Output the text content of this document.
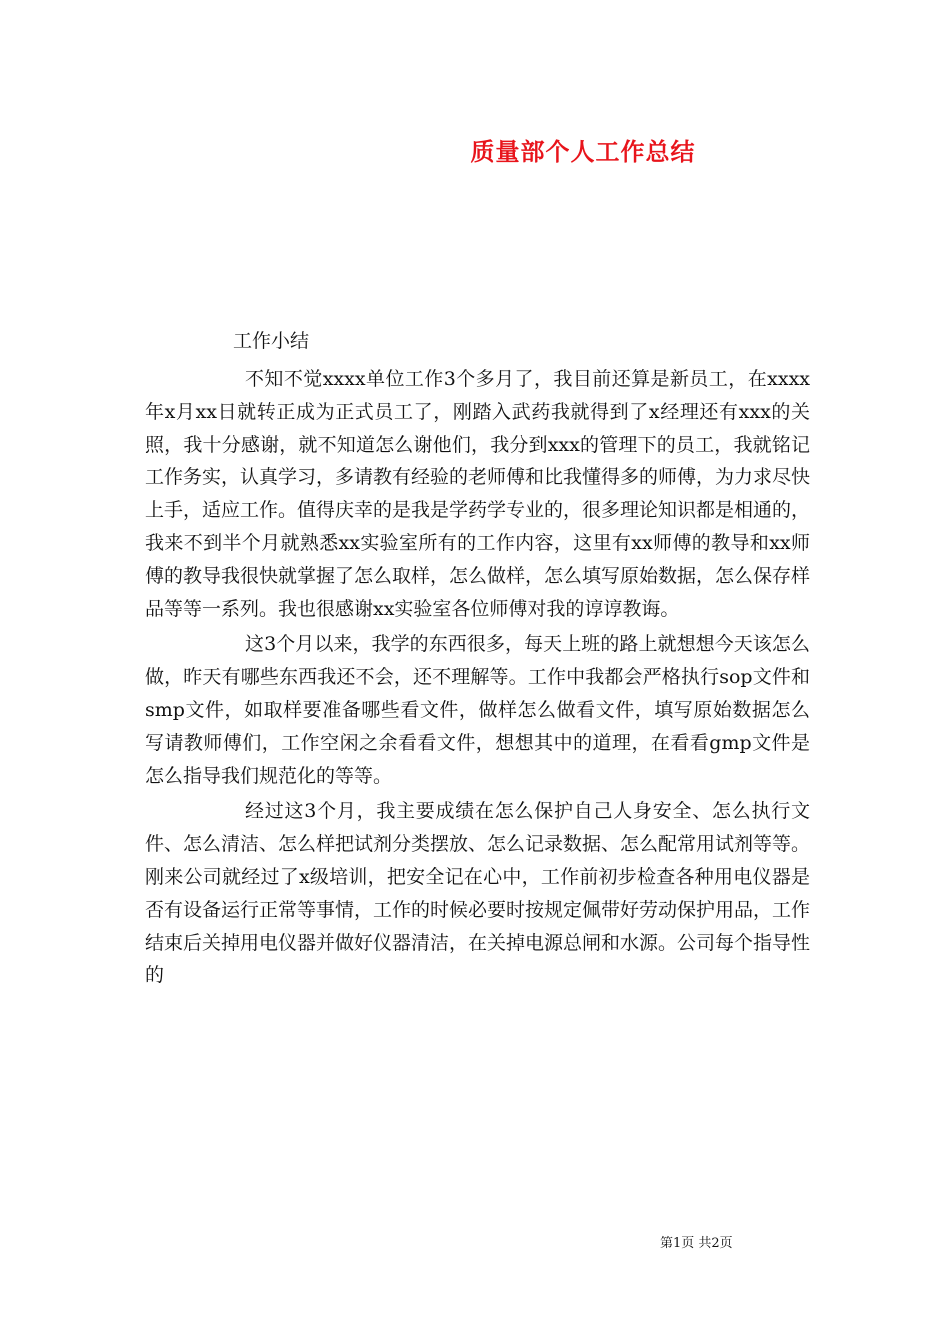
质量部个人工作总结
工作小结

不知不觉xxxx单位工作3个多月了，我目前还算是新员工，在xxxx年x月xx日就转正成为正式员工了，刚踏入武药我就得到了x经理还有xxx的关照，我十分感谢，就不知道怎么谢他们，我分到xxx的管理下的员工，我就铭记工作务实，认真学习，多请教有经验的老师傅和比我懂得多的师傅，为力求尽快上手，适应工作。值得庆幸的是我是学药学专业的，很多理论知识都是相通的，我来不到半个月就熟悉xx实验室所有的工作内容，这里有xx师傅的教导和xx师傅的教导我很快就掌握了怎么取样，怎么做样，怎么填写原始数据，怎么保存样品等等一系列。我也很感谢xx实验室各位师傅对我的谆谆教诲。

这3个月以来，我学的东西很多，每天上班的路上就想想今天该怎么做，昨天有哪些东西我还不会，还不理解等。工作中我都会严格执行sop文件和smp文件，如取样要准备哪些看文件，做样怎么做看文件，填写原始数据怎么写请教师傅们，工作空闲之余看看文件，想想其中的道理，在看看gmp文件是怎么指导我们规范化的等等。

经过这3个月，我主要成绩在怎么保护自己人身安全、怎么执行文件、怎么清洁、怎么样把试剂分类摆放、怎么记录数据、怎么配常用试剂等等。刚来公司就经过了x级培训，把安全记在心中，工作前初步检查各种用电仪器是否有设备运行正常等事情，工作的时候必要时按规定佩带好劳动保护用品，工作结束后关掉用电仪器并做好仪器清洁，在关掉电源总闸和水源。公司每个指导性的

第1页 共2页
